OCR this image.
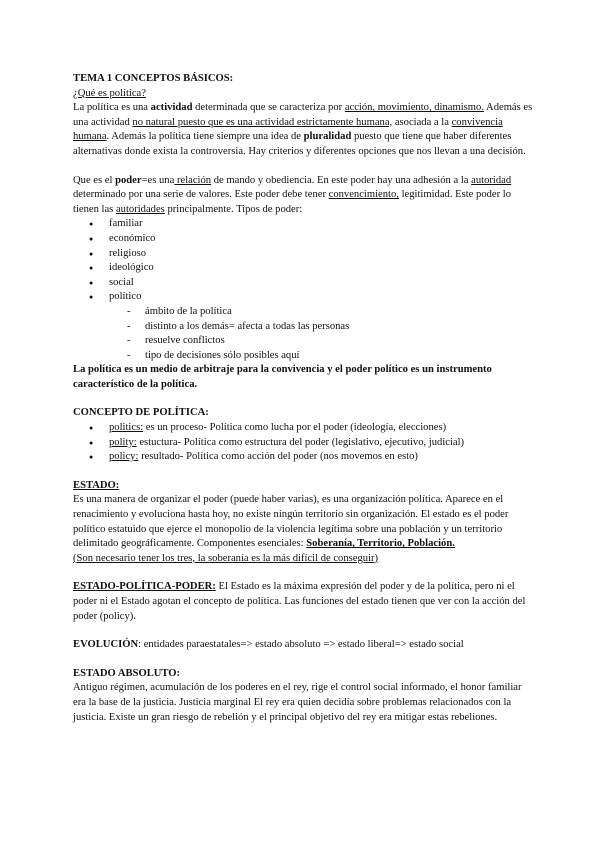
TEMA 1 CONCEPTOS BÁSICOS:

¿Qué es política?

La política es una actividad determinada que se caracteriza por acción, movimiento, dinamismo. Además es una actividad no natural puesto que es una actividad estrictamente humana, asociada a la convivencia humana. Además la política tiene siempre una idea de pluralidad puesto que tiene que haber diferentes alternativas donde exista la controversia. Hay criterios y diferentes opciones que nos llevan a una decisión.

Que es el poder=es una relación de mando y obediencia. En este poder hay una adhesión a la autoridad determinado por una serie de valores. Este poder debe tener convencimiento, legitimidad. Este poder lo tienen las autoridades principalmente. Tipos de poder:

● familiar
● económico
● religioso
● ideológico
● social
● político
- ámbito de la política
- distinto a los demás= afecta a todas las personas
- resuelve conflictos
- tipo de decisiones sólo posibles aquí

La política es un medio de arbitraje para la convivencia y el poder político es un instrumento característico de la política.

CONCEPTO DE POLÍTICA:

● politics: es un proceso- Política como lucha por el poder (ideología, elecciones)
● polity: estuctura- Política como estructura del poder (legislativo, ejecutivo, judicial)
● policy: resultado- Política como acción del poder (nos movemos en esto)

ESTADO:

Es una manera de organizar el poder (puede haber varias), es una organización política. Aparece en el renacimiento y evoluciona hasta hoy, no existe ningún territorio sin organización. El estado es el poder político estatuido que ejerce el monopolio de la violencia legítima sobre una población y un territorio delimitado geográficamente. Componentes esenciales: Soberanía, Territorio, Población.

(Son necesario tener los tres, la soberanía es la más difícil de conseguir)

ESTADO-POLÍTICA-PODER: El Estado es la máxima expresión del poder y de la política, pero ni el poder ni el Estado agotan el concepto de política. Las funciones del estado tienen que ver con la acción del poder (policy).

EVOLUCIÓN: entidades paraestatales=> estado absoluto => estado liberal=> estado social

ESTADO ABSOLUTO:

Antiguo régimen, acumulación de los poderes en el rey, rige el control social informado, el honor familiar era la base de la justicia. Justicia marginal El rey era quien decidía sobre problemas relacionados con la justicia. Existe un gran riesgo de rebelión y el principal objetivo del rey era mitigar estas rebeliones.
